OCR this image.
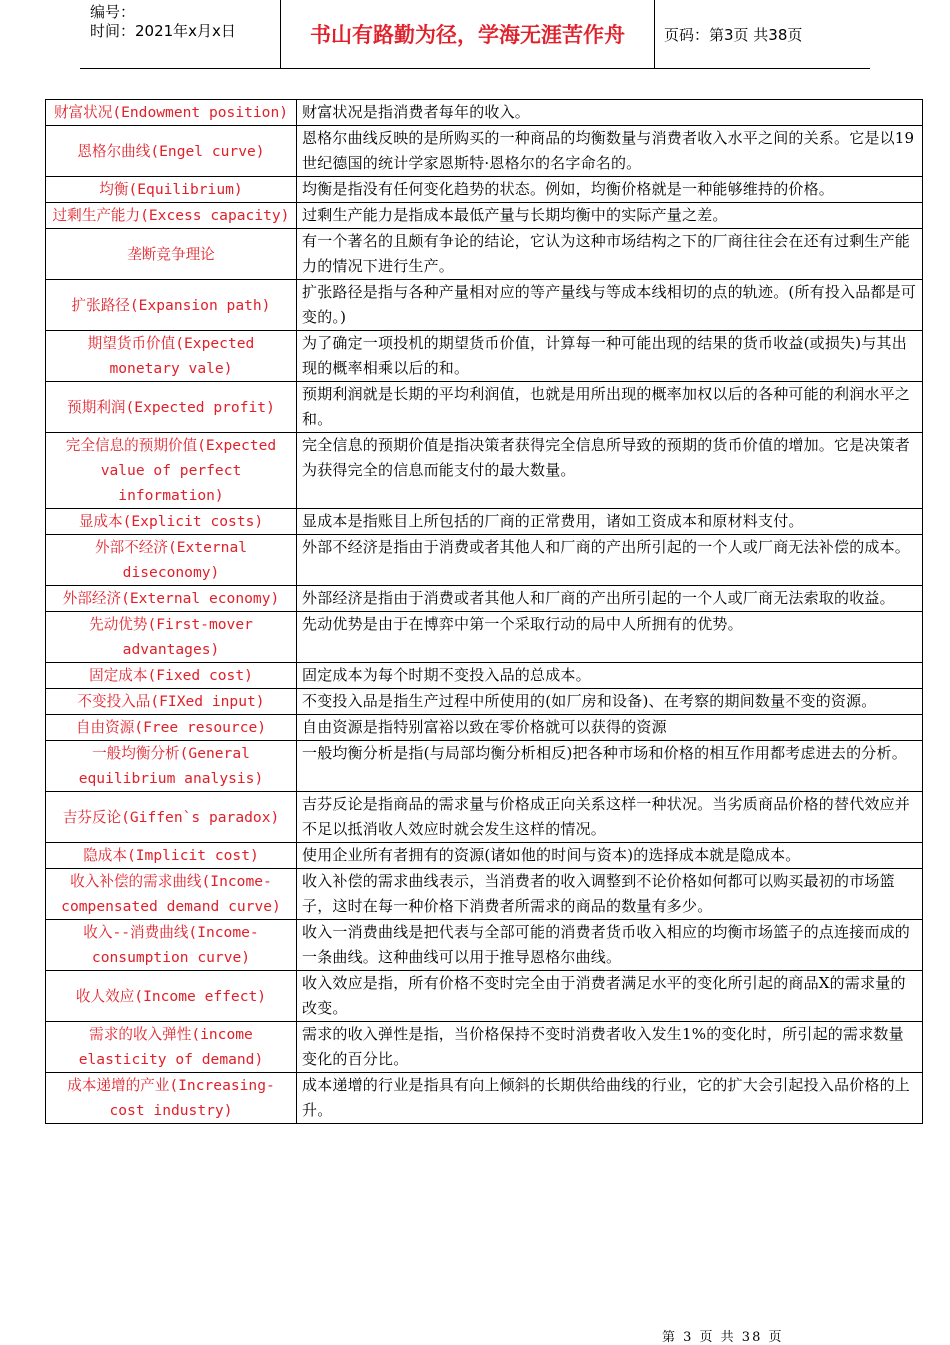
编号：
时间：2021年x月x日	书山有路勤为径，学海无涯苦作舟	页码：第3页 共38页
财富状况(Endowment position)	财富状况是指消费者每年的收入。
恩格尔曲线(Engel curve)	恩格尔曲线反映的是所购买的一种商品的均衡数量与消费者收入水平之间的关系。它是以19世纪德国的统计学家恩斯特·恩格尔的名字命名的。
均衡(Equilibrium)	均衡是指没有任何变化趋势的状态。例如，均衡价格就是一种能够维持的价格。
过剩生产能力(Excess capacity)	过剩生产能力是指成本最低产量与长期均衡中的实际产量之差。
垄断竞争理论	有一个著名的且颇有争论的结论，它认为这种市场结构之下的厂商往往会在还有过剩生产能力的情况下进行生产。
扩张路径(Expansion path)	扩张路径是指与各种产量相对应的等产量线与等成本线相切的点的轨迹。(所有投入品都是可变的。)
期望货币价值(Expected monetary vale)	为了确定一项投机的期望货币价值，计算每一种可能出现的结果的货币收益(或损失)与其出现的概率相乘以后的和。
预期利润(Expected profit)	预期利润就是长期的平均利润值，也就是用所出现的概率加权以后的各种可能的利润水平之和。
完全信息的预期价值(Expected value of perfect information)	完全信息的预期价值是指决策者获得完全信息所导致的预期的货币价值的增加。它是决策者为获得完全的信息而能支付的最大数量。
显成本(Explicit costs)	显成本是指账目上所包括的厂商的正常费用，诸如工资成本和原材料支付。
外部不经济(External diseconomy)	外部不经济是指由于消费或者其他人和厂商的产出所引起的一个人或厂商无法补偿的成本。
外部经济(External economy)	外部经济是指由于消费或者其他人和厂商的产出所引起的一个人或厂商无法索取的收益。
先动优势(First-mover advantages)	先动优势是由于在博弈中第一个采取行动的局中人所拥有的优势。
固定成本(Fixed cost)	固定成本为每个时期不变投入品的总成本。
不变投入品(FIXed input)	不变投入品是指生产过程中所使用的(如厂房和设备)、在考察的期间数量不变的资源。
自由资源(Free resource)	自由资源是指特别富裕以致在零价格就可以获得的资源
一般均衡分析(General equilibrium analysis)	一般均衡分析是指(与局部均衡分析相反)把各种市场和价格的相互作用都考虑进去的分析。
吉芬反论(Giffen`s paradox)	吉芬反论是指商品的需求量与价格成正向关系这样一种状况。当劣质商品价格的替代效应并不足以抵消收人效应时就会发生这样的情况。
隐成本(Implicit cost)	使用企业所有者拥有的资源(诸如他的时间与资本)的选择成本就是隐成本。
收入补偿的需求曲线(Income-compensated demand curve)	收入补偿的需求曲线表示，当消费者的收入调整到不论价格如何都可以购买最初的市场篮子，这时在每一种价格下消费者所需求的商品的数量有多少。
收入--消费曲线(Income-consumption curve)	收入一消费曲线是把代表与全部可能的消费者货币收入相应的均衡市场篮子的点连接而成的一条曲线。这种曲线可以用于推导恩格尔曲线。
收人效应(Income effect)	收入效应是指，所有价格不变时完全由于消费者满足水平的变化所引起的商品X的需求量的改变。
需求的收入弹性(income elasticity of demand)	需求的收入弹性是指，当价格保持不变时消费者收入发生1%的变化时，所引起的需求数量变化的百分比。
成本递增的产业(Increasing-cost industry)	成本递增的行业是指具有向上倾斜的长期供给曲线的行业，它的扩大会引起投入品价格的上升。
第 3 页 共 38 页
